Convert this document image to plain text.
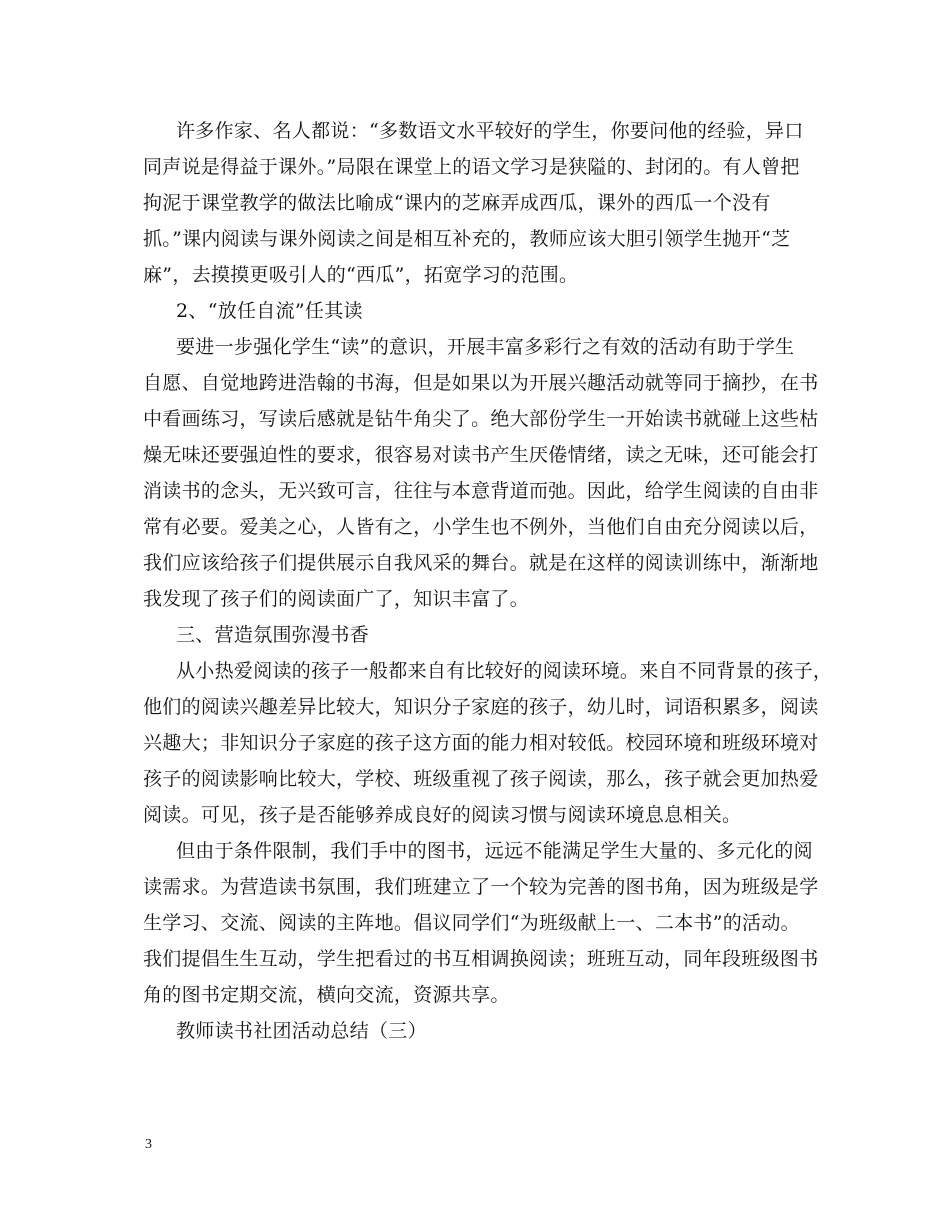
许多作家、名人都说：“多数语文水平较好的学生，你要问他的经验，异口
同声说是得益于课外。”局限在课堂上的语文学习是狭隘的、封闭的。有人曾把
拘泥于课堂教学的做法比喻成“课内的芝麻弄成西瓜，课外的西瓜一个没有
抓。”课内阅读与课外阅读之间是相互补充的，教师应该大胆引领学生抛开“芝
麻”，去摸摸更吸引人的“西瓜”，拓宽学习的范围。
2、“放任自流”任其读
要进一步强化学生“读”的意识，开展丰富多彩行之有效的活动有助于学生
自愿、自觉地跨进浩翰的书海，但是如果以为开展兴趣活动就等同于摘抄，在书
中看画练习，写读后感就是钻牛角尖了。绝大部份学生一开始读书就碰上这些枯
燥无味还要强迫性的要求，很容易对读书产生厌倦情绪，读之无味，还可能会打
消读书的念头，无兴致可言，往往与本意背道而弛。因此，给学生阅读的自由非
常有必要。爱美之心，人皆有之，小学生也不例外，当他们自由充分阅读以后，
我们应该给孩子们提供展示自我风采的舞台。就是在这样的阅读训练中，渐渐地
我发现了孩子们的阅读面广了，知识丰富了。
三、营造氛围弥漫书香
从小热爱阅读的孩子一般都来自有比较好的阅读环境。来自不同背景的孩子，
他们的阅读兴趣差异比较大，知识分子家庭的孩子，幼儿时，词语积累多，阅读
兴趣大；非知识分子家庭的孩子这方面的能力相对较低。校园环境和班级环境对
孩子的阅读影响比较大，学校、班级重视了孩子阅读，那么，孩子就会更加热爱
阅读。可见，孩子是否能够养成良好的阅读习惯与阅读环境息息相关。
但由于条件限制，我们手中的图书，远远不能满足学生大量的、多元化的阅
读需求。为营造读书氛围，我们班建立了一个较为完善的图书角，因为班级是学
生学习、交流、阅读的主阵地。倡议同学们“为班级献上一、二本书”的活动。
我们提倡生生互动，学生把看过的书互相调换阅读；班班互动，同年段班级图书
角的图书定期交流，横向交流，资源共享。
教师读书社团活动总结（三）
3
